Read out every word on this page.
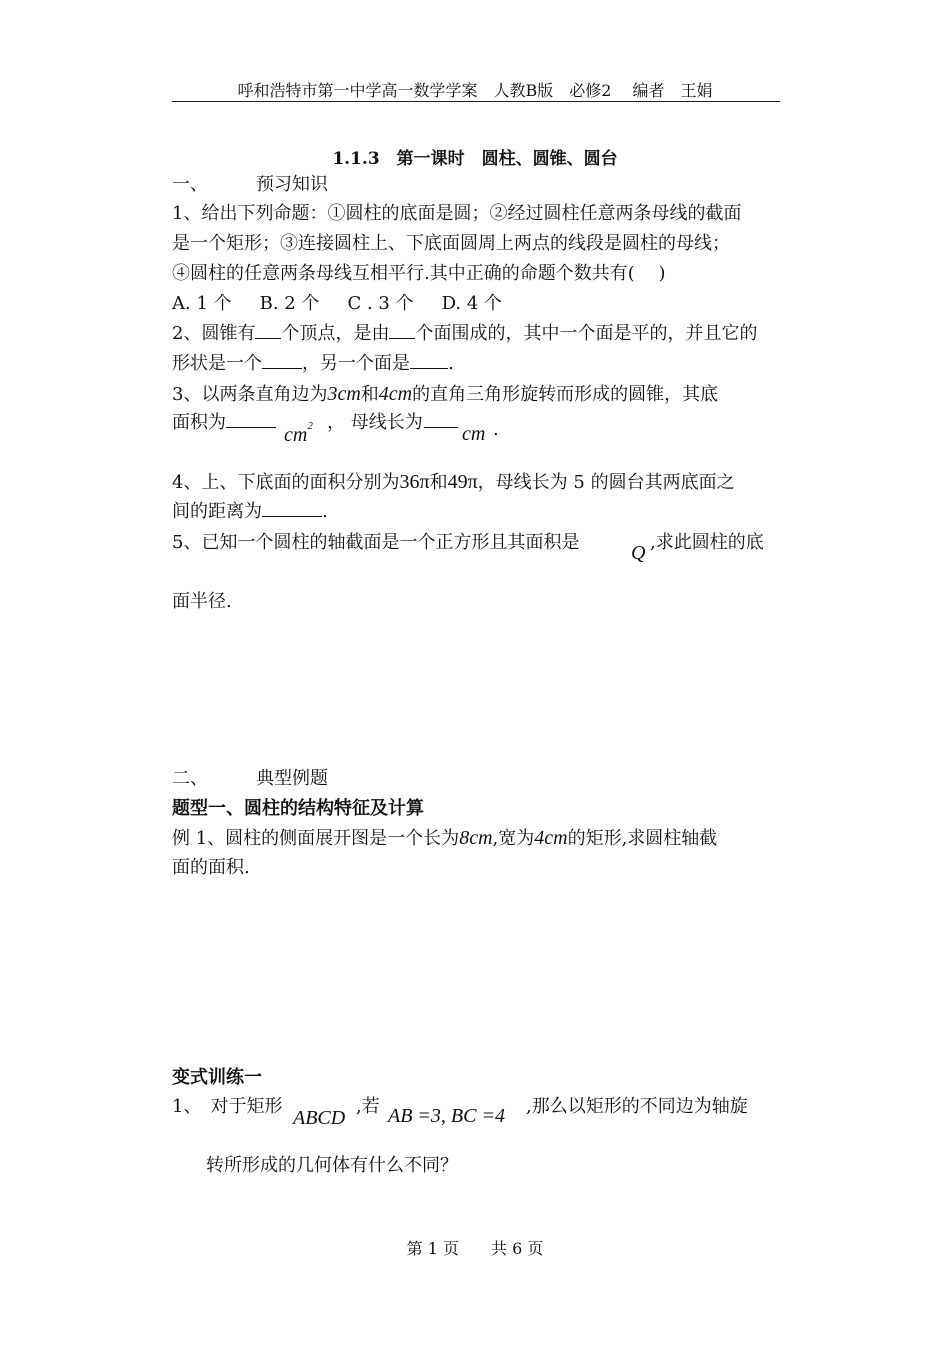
呼和浩特市第一中学高一数学学案　人教B版　必修2　 编者　王娟
1.1.3　第一课时　圆柱、圆锥、圆台
一、	预习知识
1、给出下列命题：①圆柱的底面是圆；②经过圆柱任意两条母线的截面
是一个矩形；③连接圆柱上、下底面圆周上两点的线段是圆柱的母线；
④圆柱的任意两条母线互相平行.其中正确的命题个数共有(　 )
A. 1 个 B. 2 个 C . 3 个 D. 4 个
2、圆锥有 个顶点，是由 个面围成的，其中一个面是平的，并且它的
形状是一个 ，另一个面是 .
3、以两条直角边为3cm和4cm的直角三角形旋转而形成的圆锥，其底
面积为
$cm^2$ ， 母线长为
cm .
4、上、下底面的面积分别为36π和49π，母线长为 5 的圆台其两底面之
间的距离为	.
5、已知一个圆柱的轴截面是一个正方形且其面积是	Q ,求此圆柱的底
面半径.
二、	典型例题
题型一、圆柱的结构特征及计算
例 1、圆柱的侧面展开图是一个长为8cm,宽为4cm的矩形,求圆柱轴截
面的面积.
变式训练一
1、　对于矩形
ABCD
,若 AB =3, BC =4 ,那么以矩形的不同边为轴旋
转所形成的几何体有什么不同？
第 1 页　　共 6 页
